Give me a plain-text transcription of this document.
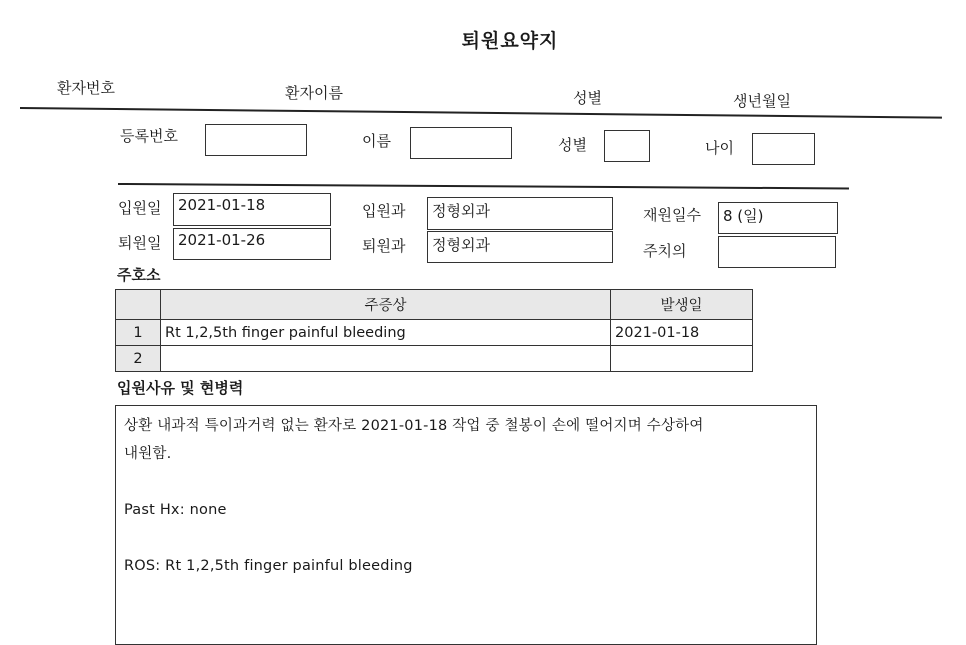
퇴원요약지
환자번호	환자이름	성별	생년월일
등록번호	이름	성별	나이
입원일	2021-01-18	입원과	정형외과	재원일수	8 (일)
퇴원일	2021-01-26	퇴원과	정형외과	주치의
주호소
	주증상	발생일
1	Rt 1,2,5th finger painful bleeding	2021-01-18
2		
입원사유 및 현병력

상환 내과적 특이과거력 없는 환자로 2021-01-18 작업 중 철봉이 손에 떨어지며 수상하여

내원함.

Past Hx: none

ROS: Rt 1,2,5th finger painful bleeding
